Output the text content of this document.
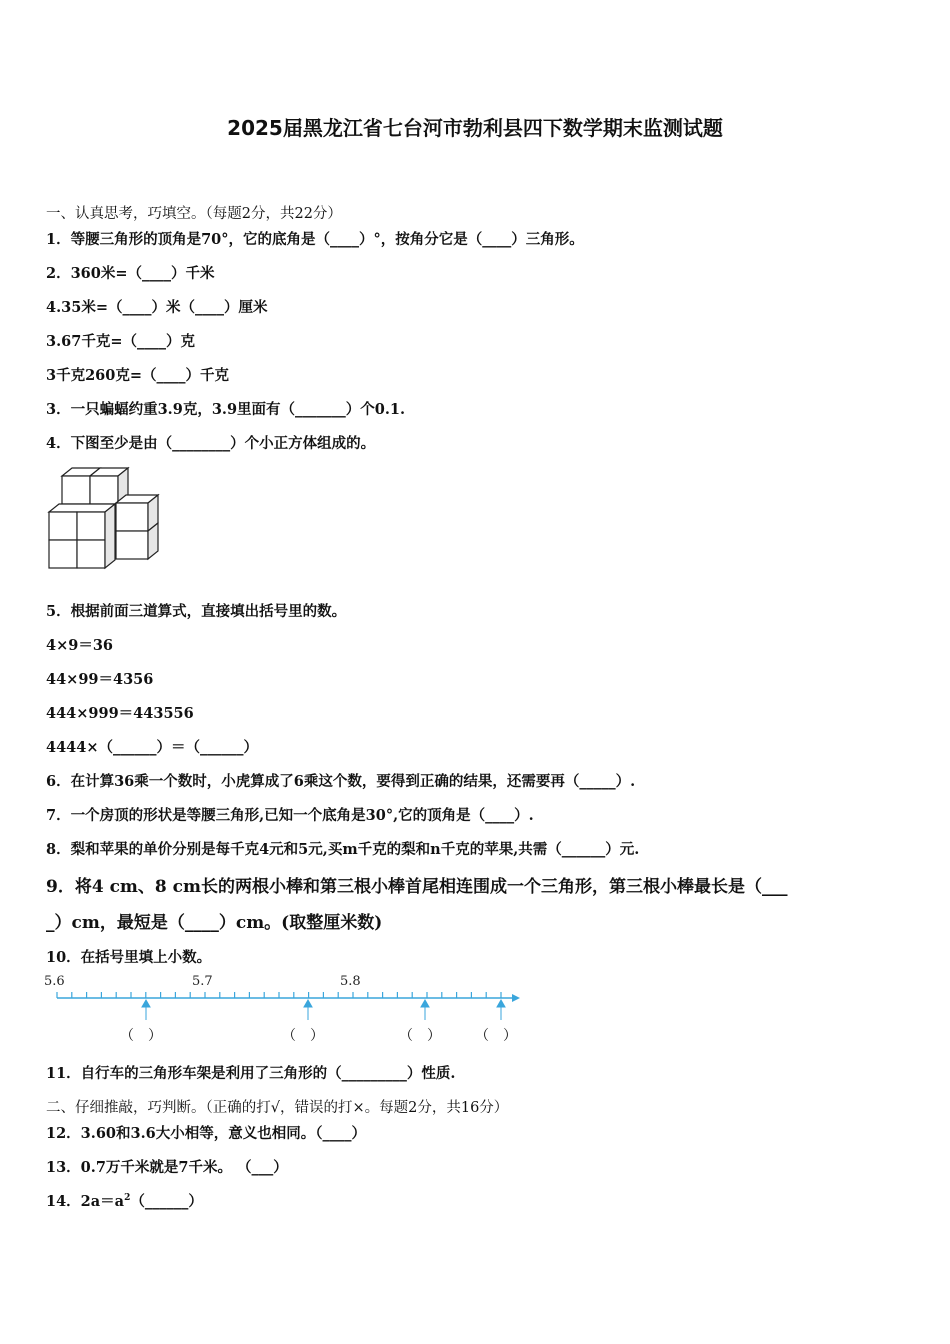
2025届黑龙江省七台河市勃利县四下数学期末监测试题
一、认真思考，巧填空。（每题2分，共22分）
1．等腰三角形的顶角是70°，它的底角是（____）°，按角分它是（____）三角形。
2．360米=（____）千米
4.35米=（____）米（____）厘米
3.67千克=（____）克
3千克260克=（____）千克
3．一只蝙蝠约重3.9克，3.9里面有（_______）个0.1.
4．下图至少是由（________）个小正方体组成的。
5．根据前面三道算式，直接填出括号里的数。
4×9＝36
44×99＝4356
444×999＝443556
4444×（______）＝（______）
6．在计算36乘一个数时，小虎算成了6乘这个数，要得到正确的结果，还需要再（_____）.
7．一个房顶的形状是等腰三角形,已知一个底角是30°,它的顶角是（____）.
8．梨和苹果的单价分别是每千克4元和5元,买m千克的梨和n千克的苹果,共需（______）元.
9．将4 cm、8 cm长的两根小棒和第三根小棒首尾相连围成一个三角形，第三根小棒最长是（___
_）cm，最短是（____）cm。(取整厘米数)
10．在括号里填上小数。
5.6	5.7	5.8
（　）	（　）	（　） （　）
11．自行车的三角形车架是利用了三角形的（_________）性质.
二、仔细推敲，巧判断。（正确的打√，错误的打×。每题2分，共16分）
12．3.60和3.6大小相等，意义也相同。（____）
13．0.7万千米就是7千米。 （___）
14．$2a=a^2(\_\_\_\_\_\_)$
